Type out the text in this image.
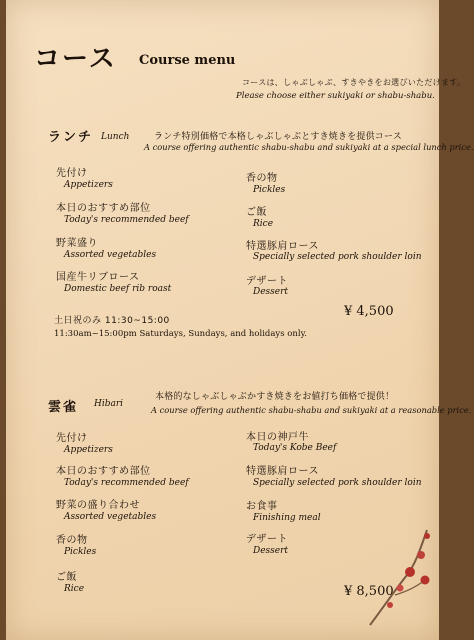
コース Course menu
コースは、しゃぶしゃぶ、すきやきをお選びいただけます。
Please choose either sukiyaki or shabu-shabu.
ランチ Lunch	ランチ特別価格で本格しゃぶしゃぶとすき焼きを提供コース
A course offering authentic shabu-shabu and sukiyaki at a special lunch price.
先付け
Appetizers
本日のおすすめ部位
Today's recommended beef
野菜盛り
Assorted vegetables
国産牛リブロース
Domestic beef rib roast
香の物
Pickles
ご飯
Rice
特選豚肩ロース
Specially selected pork shoulder loin
デザート
Dessert
¥ 4,500
土日祝のみ 11:30~15:00
11:30am~15:00pm Saturdays, Sundays, and holidays only.
雲雀 Hibari
本格的なしゃぶしゃぶかすき焼きをお値打ち価格で提供！
A course offering authentic shabu-shabu and sukiyaki at a reasonable price.
先付け
Appetizers
本日のおすすめ部位
Today's recommended beef
野菜の盛り合わせ
Assorted vegetables
香の物
Pickles
ご飯
Rice
本日の神戸牛
Today's Kobe Beef
特選豚肩ロース
Specially selected pork shoulder loin
お食事
Finishing meal
デザート
Dessert
¥ 8,500
